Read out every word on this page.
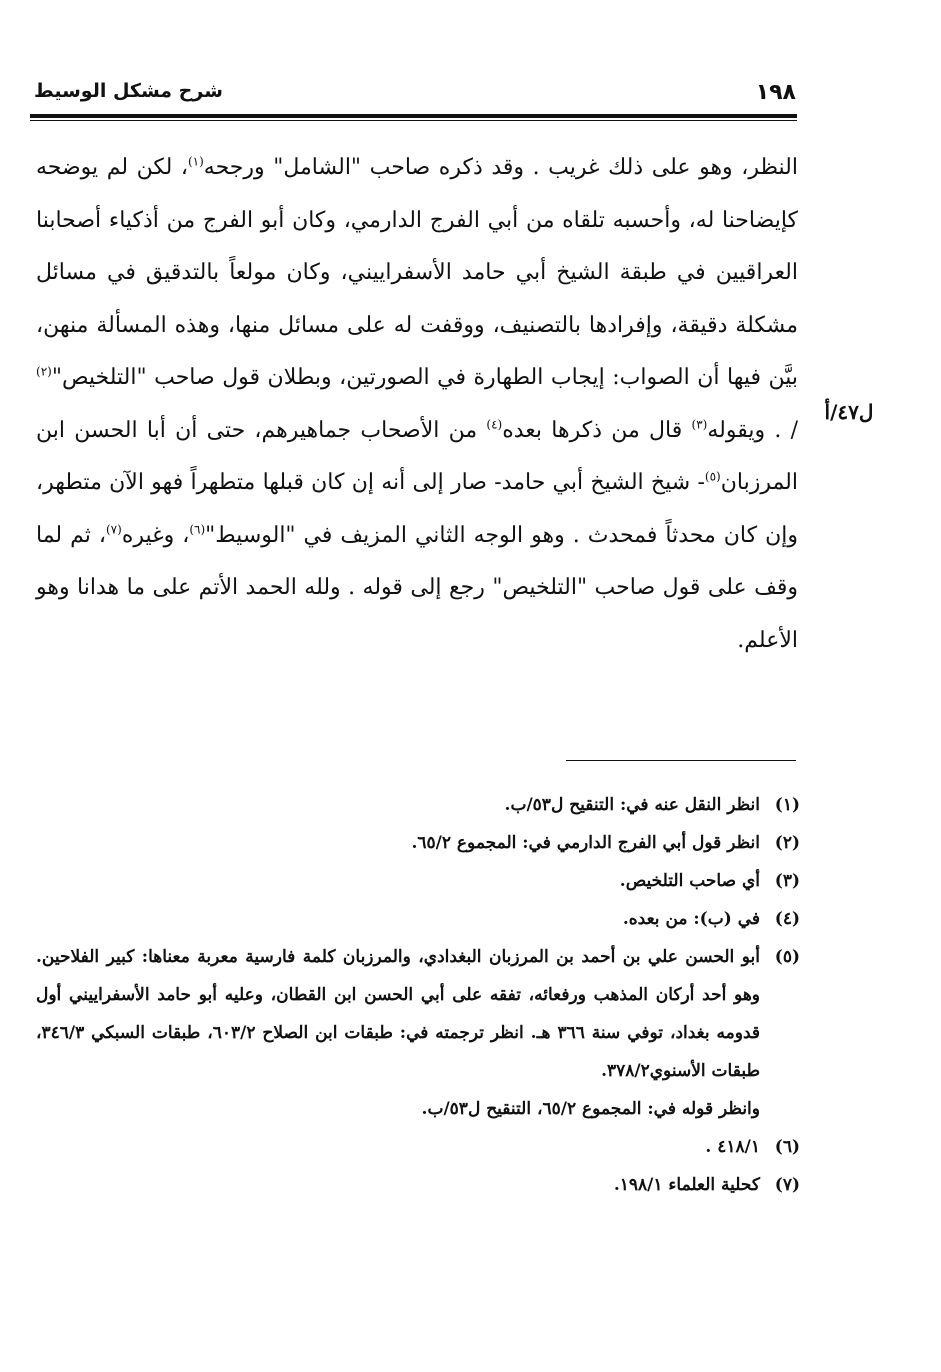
١٩٨
شرح مشكل الوسيط
ل٤٧/أ

النظر، وهو على ذلك غريب . وقد ذكره صاحب "الشامل" ورجحه$^{(١)}$، لكن لم يوضحه كإيضاحنا له، وأحسبه تلقاه من أبي الفرج الدارمي، وكان أبو الفرج من أذكياء أصحابنا العراقيين في طبقة الشيخ أبي حامد الأسفراييني، وكان مولعاً بالتدقيق في مسائل مشكلة دقيقة، وإفرادها بالتصنيف، ووقفت له على مسائل منها، وهذه المسألة منهن، بيَّن فيها أن الصواب: إيجاب الطهارة في الصورتين، وبطلان قول صاحب "التلخيص"$^{(٢)}$ / . ويقوله$^{(٣)}$ قال من ذكرها بعده$^{(٤)}$ من الأصحاب جماهيرهم، حتى أن أبا الحسن ابن المرزبان$^{(٥)}$- شيخ الشيخ أبي حامد- صار إلى أنه إن كان قبلها متطهراً فهو الآن متطهر، وإن كان محدثاً فمحدث . وهو الوجه الثاني المزيف في "الوسيط"$^{(٦)}$، وغيره$^{(٧)}$، ثم لما وقف على قول صاحب "التلخيص" رجع إلى قوله . ولله الحمد الأتم على ما هدانا وهو الأعلم.

(١)
انظر النقل عنه في: التنقيح ل٥٣/ب.
(٢)
انظر قول أبي الفرج الدارمي في: المجموع ٦٥/٢.
(٣)
أي صاحب التلخيص.
(٤)
في (ب): من بعده.
(٥)
أبو الحسن علي بن أحمد بن المرزبان البغدادي، والمرزبان كلمة فارسية معربة معناها: كبير الفلاحين. وهو أحد أركان المذهب ورفعائه، تفقه على أبي الحسن ابن القطان، وعليه أبو حامد الأسفراييني أول قدومه بغداد، توفي سنة ٣٦٦ هـ. انظر ترجمته في: طبقات ابن الصلاح ٦٠٣/٢، طبقات السبكي ٣٤٦/٣، طبقات الأسنوي٣٧٨/٢.
وانظر قوله في: المجموع ٦٥/٢، التنقيح ل٥٣/ب.
(٦)
٤١٨/١ .
(٧)
كحلية العلماء ١٩٨/١.
